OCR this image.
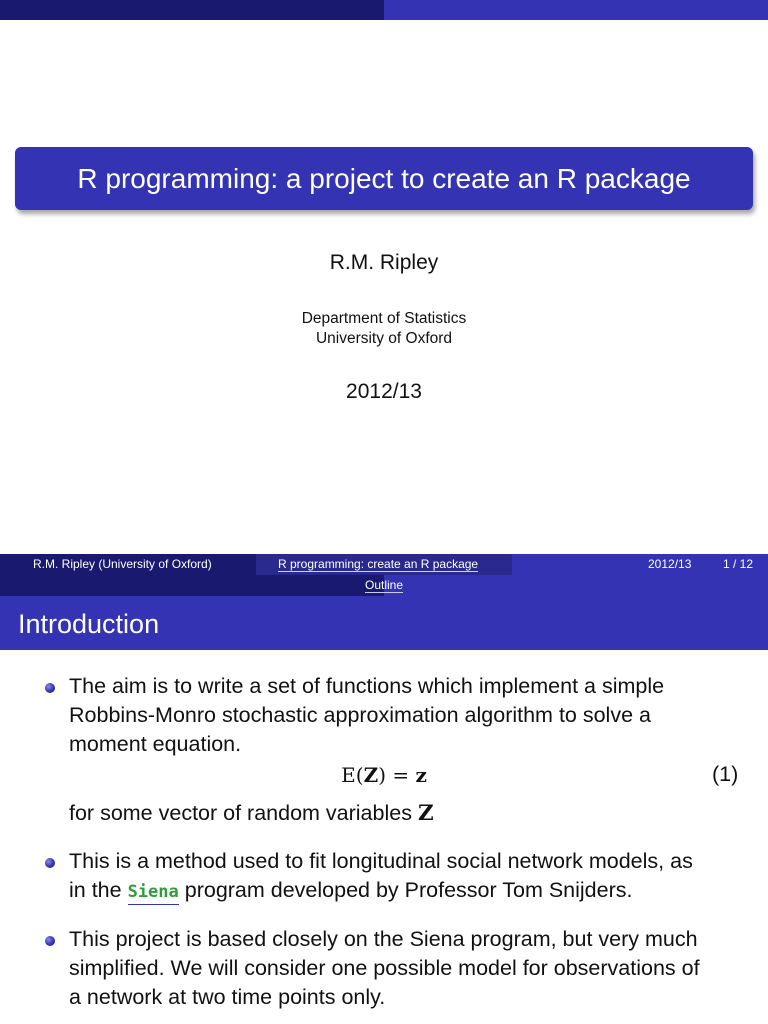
R programming: a project to create an R package
R.M. Ripley
Department of Statistics
University of Oxford
2012/13
R.M. Ripley (University of Oxford)	R programming: create an R package	2012/13	1 / 12
Outline
Introduction
The aim is to write a set of functions which implement a simple
Robbins-Monro stochastic approximation algorithm to solve a
moment equation.
E(Z) = z	(1)
for some vector of random variables Z
This is a method used to fit longitudinal social network models, as
in the Siena program developed by Professor Tom Snijders.
This project is based closely on the Siena program, but very much
simplified. We will consider one possible model for observations of
a network at two time points only.
